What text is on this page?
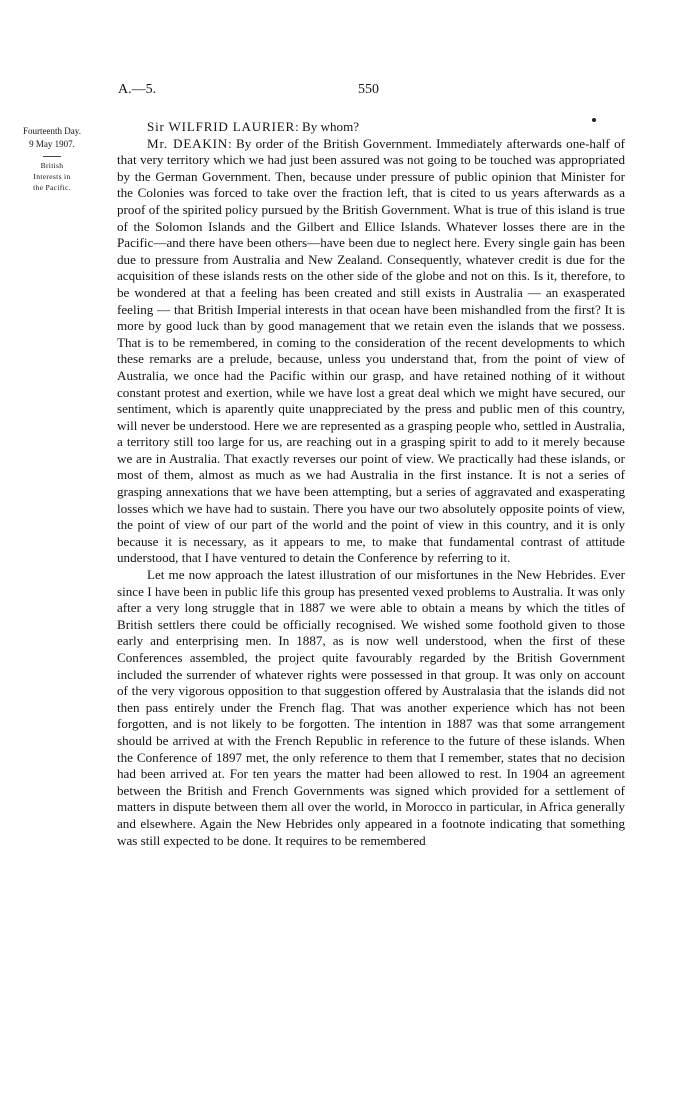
A.—5.	550
Fourteenth Day.
9 May 1907.
British
Interests in
the Pacific.

Sir WILFRID LAURIER: By whom?

Mr. DEAKIN: By order of the British Government. Immediately afterwards one-half of that very territory which we had just been assured was not going to be touched was appropriated by the German Government. Then, because under pressure of public opinion that Minister for the Colonies was forced to take over the fraction left, that is cited to us years afterwards as a proof of the spirited policy pursued by the British Government. What is true of this island is true of the Solomon Islands and the Gilbert and Ellice Islands. Whatever losses there are in the Pacific—and there have been others—have been due to neglect here. Every single gain has been due to pressure from Australia and New Zealand. Consequently, whatever credit is due for the acquisition of these islands rests on the other side of the globe and not on this. Is it, therefore, to be wondered at that a feeling has been created and still exists in Australia — an exasperated feeling — that British Imperial interests in that ocean have been mishandled from the first? It is more by good luck than by good management that we retain even the islands that we possess. That is to be remembered, in coming to the consideration of the recent developments to which these remarks are a prelude, because, unless you understand that, from the point of view of Australia, we once had the Pacific within our grasp, and have retained nothing of it without constant protest and exertion, while we have lost a great deal which we might have secured, our sentiment, which is aparently quite unappreciated by the press and public men of this country, will never be understood. Here we are represented as a grasping people who, settled in Australia, a territory still too large for us, are reaching out in a grasping spirit to add to it merely because we are in Australia. That exactly reverses our point of view. We practically had these islands, or most of them, almost as much as we had Australia in the first instance. It is not a series of grasping annexations that we have been attempting, but a series of aggravated and exasperating losses which we have had to sustain. There you have our two absolutely opposite points of view, the point of view of our part of the world and the point of view in this country, and it is only because it is necessary, as it appears to me, to make that fundamental contrast of attitude understood, that I have ventured to detain the Conference by referring to it.

Let me now approach the latest illustration of our misfortunes in the New Hebrides. Ever since I have been in public life this group has presented vexed problems to Australia. It was only after a very long struggle that in 1887 we were able to obtain a means by which the titles of British settlers there could be officially recognised. We wished some foothold given to those early and enterprising men. In 1887, as is now well understood, when the first of these Conferences assembled, the project quite favourably regarded by the British Government included the surrender of whatever rights were possessed in that group. It was only on account of the very vigorous opposition to that suggestion offered by Australasia that the islands did not then pass entirely under the French flag. That was another experience which has not been forgotten, and is not likely to be forgotten. The intention in 1887 was that some arrangement should be arrived at with the French Republic in reference to the future of these islands. When the Conference of 1897 met, the only reference to them that I remember, states that no decision had been arrived at. For ten years the matter had been allowed to rest. In 1904 an agreement between the British and French Governments was signed which provided for a settlement of matters in dispute between them all over the world, in Morocco in particular, in Africa generally and elsewhere. Again the New Hebrides only appeared in a footnote indicating that something was still expected to be done. It requires to be remembered
